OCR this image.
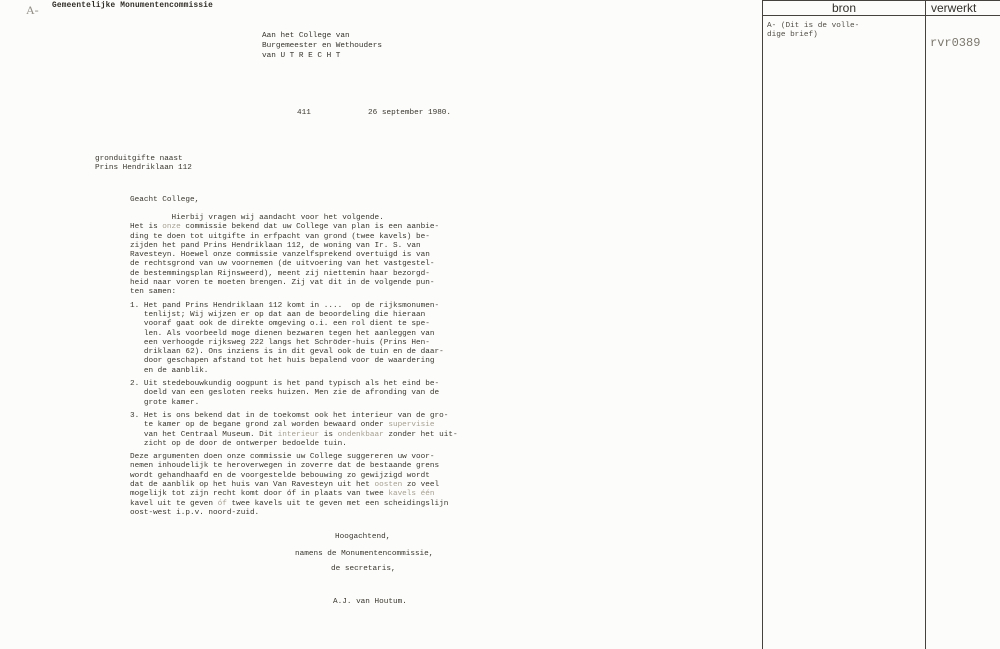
A- Gemeentelijke Monumentencommissie
Aan het College van
Burgemeester en Wethouders
van U T R E C H T
411	26 september 1980.
gronduitgifte naast
Prins Hendriklaan 112
Geacht College,
Hierbij vragen wij aandacht voor het volgende.
Het is onze commissie bekend dat uw College van plan is een aanbie-
ding te doen tot uitgifte in erfpacht van grond (twee kavels) be-
zijden het pand Prins Hendriklaan 112, de woning van Ir. S. van
Ravesteyn. Hoewel onze commissie vanzelfsprekend overtuigd is van
de rechtsgrond van uw voornemen (de uitvoering van het vastgestel-
de bestemmingsplan Rijnsweerd), meent zij niettemin haar bezorgd-
heid naar voren te moeten brengen. Zij vat dit in de volgende pun-
ten samen:
1. Het pand Prins Hendriklaan 112 komt in ....  op de rijksmonumen-
tenlijst; Wij wijzen er op dat aan de beoordeling die hieraan
vooraf gaat ook de direkte omgeving o.i. een rol dient te spe-
len. Als voorbeeld moge dienen bezwaren tegen het aanleggen van
een verhoogde rijksweg 222 langs het Schröder-huis (Prins Hen-
driklaan 62). Ons inziens is in dit geval ook de tuin en de daar-
door geschapen afstand tot het huis bepalend voor de waardering
en de aanblik.
2. Uit stedebouwkundig oogpunt is het pand typisch als het eind be-
doeld van een gesloten reeks huizen. Men zie de afronding van de
grote kamer.
3. Het is ons bekend dat in de toekomst ook het interieur van de gro-
te kamer op de begane grond zal worden bewaard onder supervisie
van het Centraal Museum. Dit interieur is ondenkbaar zonder het uit-
zicht op de door de ontwerper bedoelde tuin.
Deze argumenten doen onze commissie uw College suggereren uw voor-
nemen inhoudelijk te heroverwegen in zoverre dat de bestaande grens
wordt gehandhaafd en de voorgestelde bebouwing zo gewijzigd wordt
dat de aanblik op het huis van Van Ravesteyn uit het oosten zo veel
mogelijk tot zijn recht komt door óf in plaats van twee kavels één
kavel uit te geven óf twee kavels uit te geven met een scheidingslijn
oost-west i.p.v. noord-zuid.
Hoogachtend,
namens de Monumentencommissie,
de secretaris,
A.J. van Houtum.
bron	verwerkt
A- (Dit is de volle-
dige brief)
rvr0389
